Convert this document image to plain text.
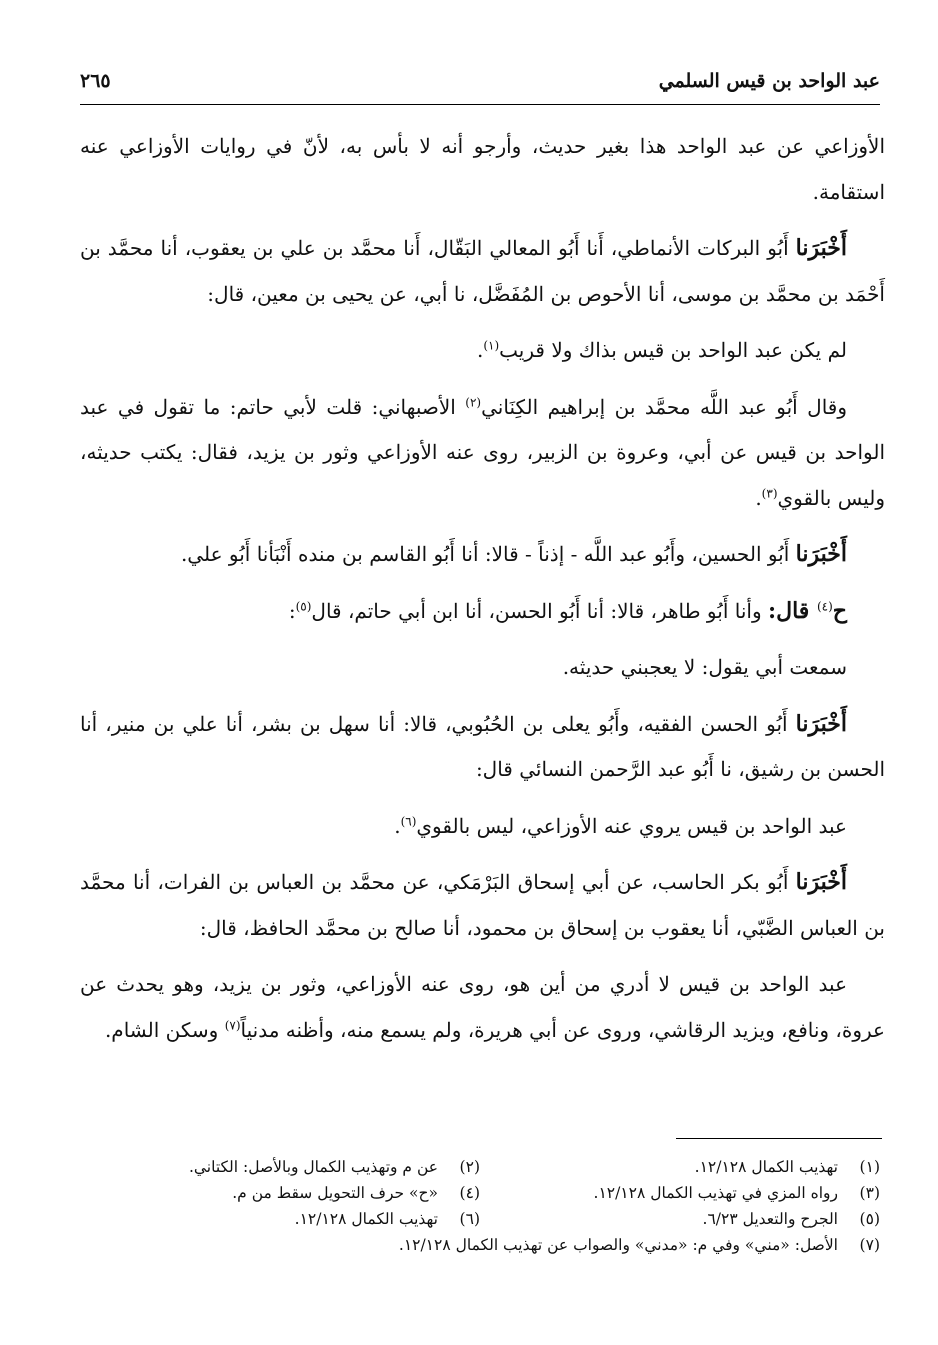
عبد الواحد بن قيس السلمي
٢٦٥

الأوزاعي عن عبد الواحد هذا بغير حديث، وأرجو أنه لا بأس به، لأنّ في روايات الأوزاعي عنه استقامة.

أَخْبَرَنا أَبُو البركات الأنماطي، أَنا أَبُو المعالي البَقّال، أَنا محمَّد بن علي بن يعقوب، أنا محمَّد بن أَحْمَد بن محمَّد بن موسى، أنا الأحوص بن المُفَضَّل، نا أبي، عن يحيى بن معين، قال:

لم يكن عبد الواحد بن قيس بذاك ولا قريب$^{(١)}$.

وقال أَبُو عبد اللَّه محمَّد بن إبراهيم الكِنَاني$^{(٢)}$ الأصبهاني: قلت لأبي حاتم: ما تقول في عبد الواحد بن قيس عن أبي، وعروة بن الزبير، روى عنه الأوزاعي وثور بن يزيد، فقال: يكتب حديثه، وليس بالقوي$^{(٣)}$.

أَخْبَرَنا أَبُو الحسين، وأَبُو عبد اللَّه - إذناً - قالا: أنا أَبُو القاسم بن منده أَنْبَأنا أَبُو علي.

ح$^{(٤)}$ قال: وأنا أَبُو طاهر، قالا: أنا أَبُو الحسن، أنا ابن أبي حاتم، قال$^{(٥)}$:

سمعت أبي يقول: لا يعجبني حديثه.

أَخْبَرَنا أَبُو الحسن الفقيه، وأَبُو يعلى بن الحُبُوبي، قالا: أنا سهل بن بشر، أنا علي بن منير، أنا الحسن بن رشيق، نا أَبُو عبد الرَّحمن النسائي قال:

عبد الواحد بن قيس يروي عنه الأوزاعي، ليس بالقوي$^{(٦)}$.

أَخْبَرَنا أَبُو بكر الحاسب، عن أبي إسحاق البَرْمَكي، عن محمَّد بن العباس بن الفرات، أنا محمَّد بن العباس الضَّبّي، أنا يعقوب بن إسحاق بن محمود، أنا صالح بن محمَّد الحافظ، قال:

عبد الواحد بن قيس لا أدري من أين هو، روى عنه الأوزاعي، وثور بن يزيد، وهو يحدث عن عروة، ونافع، ويزيد الرقاشي، وروى عن أبي هريرة، ولم يسمع منه، وأظنه مدنياً$^{(٧)}$ وسكن الشام.

(١)
تهذيب الكمال ١٢/١٢٨.
(٢)
عن م وتهذيب الكمال وبالأصل: الكتاني.
(٣)
رواه المزي في تهذيب الكمال ١٢/١٢٨.
(٤)
«ح» حرف التحويل سقط من م.
(٥)
الجرح والتعديل ٦/٢٣.
(٦)
تهذيب الكمال ١٢/١٢٨.
(٧)
الأصل: «مني» وفي م: «مدني» والصواب عن تهذيب الكمال ١٢/١٢٨.
